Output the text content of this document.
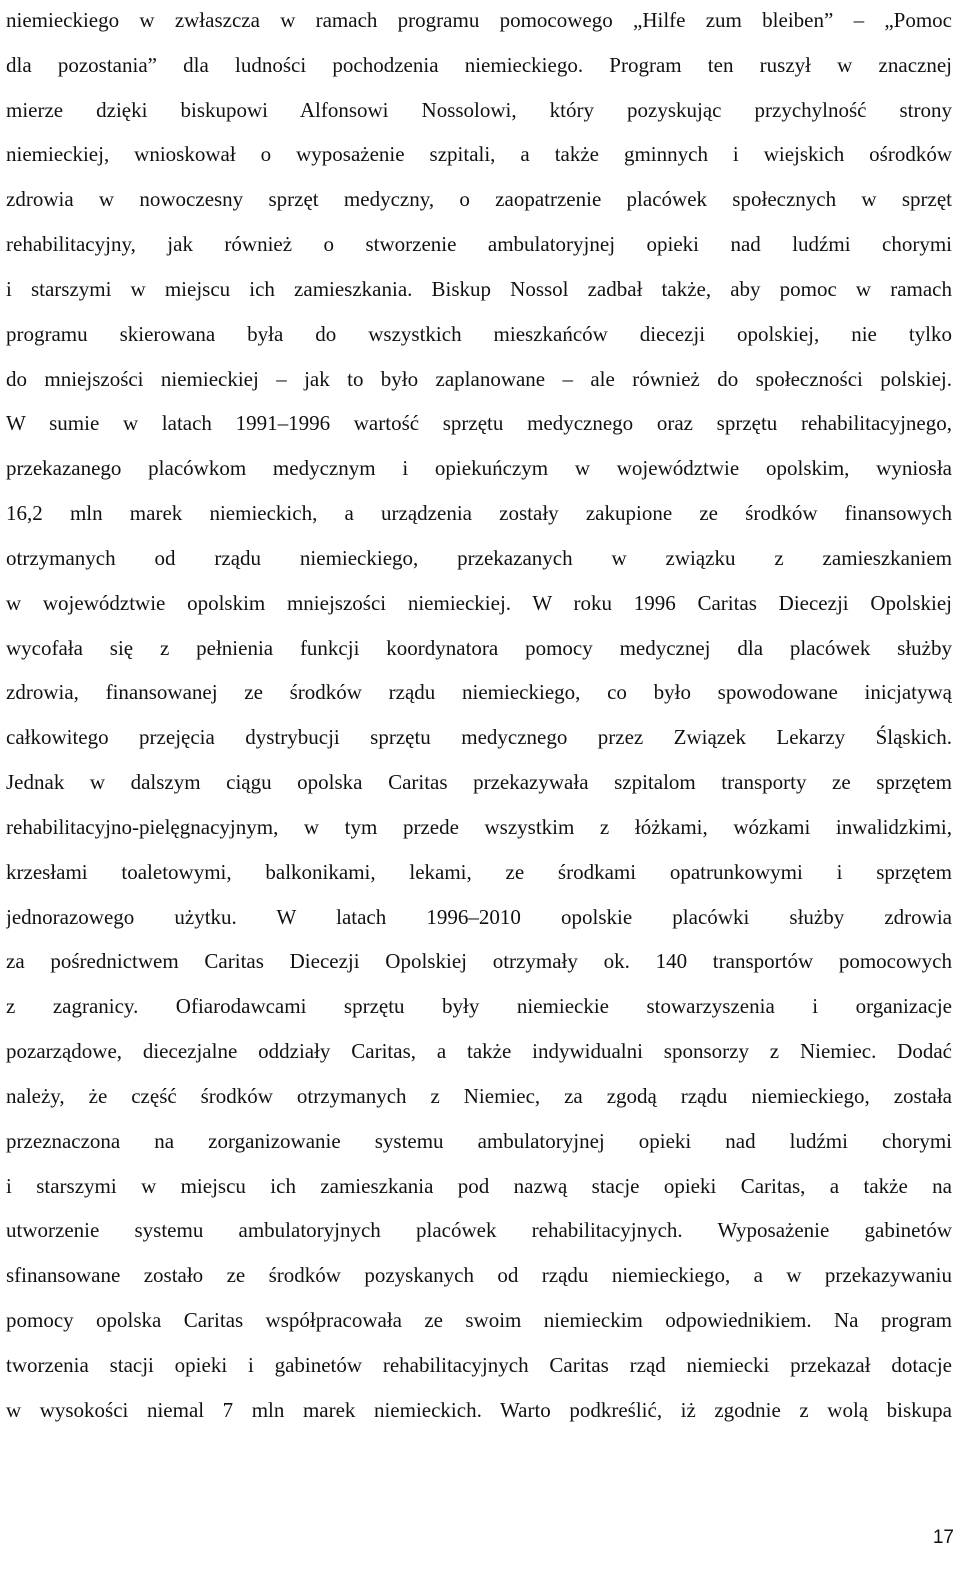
niemieckiego w zwłaszcza w ramach programu pomocowego „Hilfe zum bleiben” – „Pomoc
dla pozostania” dla ludności pochodzenia niemieckiego. Program ten ruszył w znacznej
mierze dzięki biskupowi Alfonsowi Nossolowi, który pozyskując przychylność strony
niemieckiej, wnioskował o wyposażenie szpitali, a także gminnych i wiejskich ośrodków
zdrowia w nowoczesny sprzęt medyczny, o zaopatrzenie placówek społecznych w sprzęt
rehabilitacyjny, jak również o stworzenie ambulatoryjnej opieki nad ludźmi chorymi
i starszymi w miejscu ich zamieszkania. Biskup Nossol zadbał także, aby pomoc w ramach
programu skierowana była do wszystkich mieszkańców diecezji opolskiej, nie tylko
do mniejszości niemieckiej – jak to było zaplanowane – ale również do społeczności polskiej.
W sumie w latach 1991–1996 wartość sprzętu medycznego oraz sprzętu rehabilitacyjnego,
przekazanego placówkom medycznym i opiekuńczym w województwie opolskim, wyniosła
16,2 mln marek niemieckich, a urządzenia zostały zakupione ze środków finansowych
otrzymanych od rządu niemieckiego, przekazanych w związku z zamieszkaniem
w województwie opolskim mniejszości niemieckiej. W roku 1996 Caritas Diecezji Opolskiej
wycofała się z pełnienia funkcji koordynatora pomocy medycznej dla placówek służby
zdrowia, finansowanej ze środków rządu niemieckiego, co było spowodowane inicjatywą
całkowitego przejęcia dystrybucji sprzętu medycznego przez Związek Lekarzy Śląskich.
Jednak w dalszym ciągu opolska Caritas przekazywała szpitalom transporty ze sprzętem
rehabilitacyjno-pielęgnacyjnym, w tym przede wszystkim z łóżkami, wózkami inwalidzkimi,
krzesłami toaletowymi, balkonikami, lekami, ze środkami opatrunkowymi i sprzętem
jednorazowego użytku. W latach 1996–2010 opolskie placówki służby zdrowia
za pośrednictwem Caritas Diecezji Opolskiej otrzymały ok. 140 transportów pomocowych
z zagranicy. Ofiarodawcami sprzętu były niemieckie stowarzyszenia i organizacje
pozarządowe, diecezjalne oddziały Caritas, a także indywidualni sponsorzy z Niemiec. Dodać
należy, że część środków otrzymanych z Niemiec, za zgodą rządu niemieckiego, została
przeznaczona na zorganizowanie systemu ambulatoryjnej opieki nad ludźmi chorymi
i starszymi w miejscu ich zamieszkania pod nazwą stacje opieki Caritas, a także na
utworzenie systemu ambulatoryjnych placówek rehabilitacyjnych. Wyposażenie gabinetów
sfinansowane zostało ze środków pozyskanych od rządu niemieckiego, a w przekazywaniu
pomocy opolska Caritas współpracowała ze swoim niemieckim odpowiednikiem. Na program
tworzenia stacji opieki i gabinetów rehabilitacyjnych Caritas rząd niemiecki przekazał dotacje
w wysokości niemal 7 mln marek niemieckich. Warto podkreślić, iż zgodnie z wolą biskupa
17
